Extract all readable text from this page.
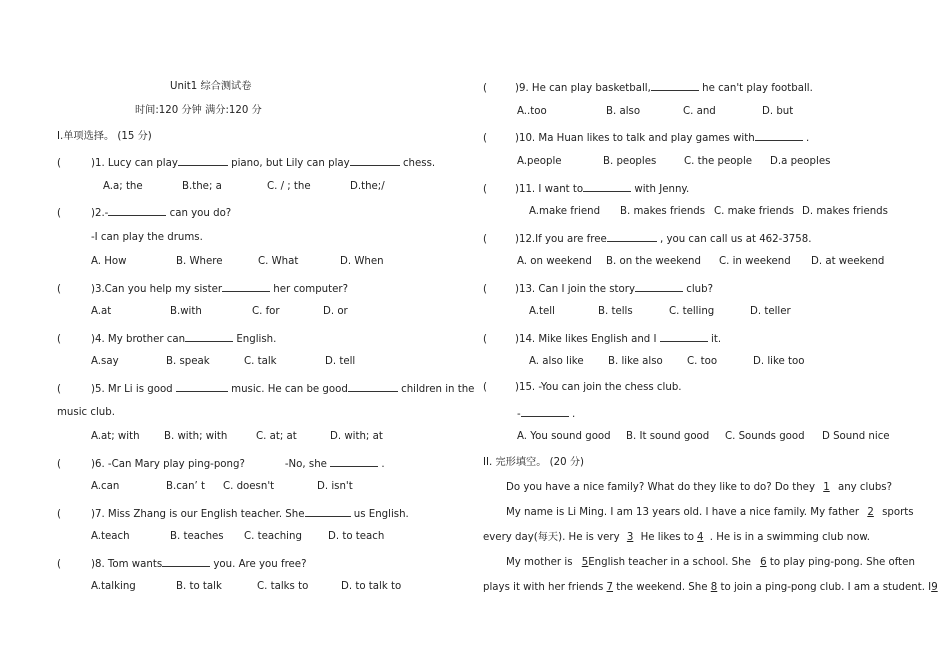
Unit1 综合测试卷
时间:120 分钟 满分:120 分
I.单项选择。 (15 分)
(	)1. Lucy can play	piano, but Lily can play	chess.
A.a; the	B.the; a	C. / ; the	D.the;/
(	)2.-	can you do?
-I can play the drums.
A. How	B. Where	C. What	D. When
(	)3.Can you help my sister	her computer?
A.at	B.with	C. for	D. or
(	)4. My brother can	English.
A.say	B. speak	C. talk	D. tell
(	)5. Mr Li is good	music. He can be good	children in the
music club.
A.at; with B. with; with	C. at; at	D. with; at
(	)6. -Can Mary play ping-pong?	-No, she	.
A.can	B.can’ t C. doesn't	D. isn't
(	)7. Miss Zhang is our English teacher. She	us English.
A.teach	B. teaches C. teaching	D. to teach
(	)8. Tom wants	you. Are you free?
A.talking	B. to talk	C. talks to	D. to talk to
(	)9. He can play basketball,	he can't play football.
A..too	B. also	C. and	D. but
(	)10. Ma Huan likes to talk and play games with	.
A.people	B. peoples	C. the people D.a peoples
(	)11. I want to	with Jenny.
A.make friend B. makes friends C. make friends D. makes friends
(	)12.If you are free	, you can call us at 462-3758.
A. on weekend B. on the weekend C. in weekend D. at weekend
(	)13. Can I join the story	club?
A.tell	B. tells	C. telling	D. teller
(	)14. Mike likes English and I	it.
A. also like B. like also C. too	D. like too
(	)15. -You can join the chess club.
-	.
A. You sound good B. It sound good C. Sounds good D Sound nice
II. 完形填空。 (20 分)
Do you have a nice family? What do they like to do? Do they 1 any clubs?
My name is Li Ming. I am 13 years old. I have a nice family. My father 2 sports
every day(每天). He is very 3 He likes to 4 . He is in a swimming club now.
My mother is 5English teacher in a school. She 6 to play ping-pong. She often
plays it with her friends 7 the weekend. She 8 to join a ping-pong club. I am a student. I9
